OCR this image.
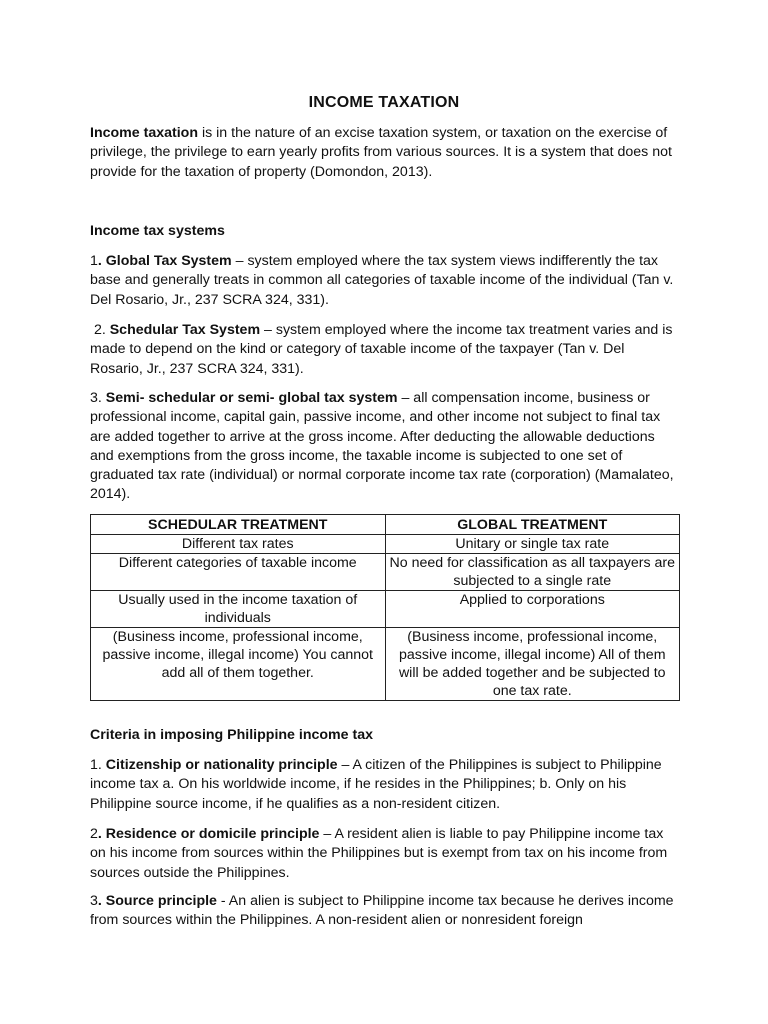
INCOME TAXATION

Income taxation is in the nature of an excise taxation system, or taxation on the exercise of privilege, the privilege to earn yearly profits from various sources. It is a system that does not provide for the taxation of property (Domondon, 2013).

Income tax systems

1. Global Tax System – system employed where the tax system views indifferently the tax base and generally treats in common all categories of taxable income of the individual (Tan v. Del Rosario, Jr., 237 SCRA 324, 331).

2. Schedular Tax System – system employed where the income tax treatment varies and is made to depend on the kind or category of taxable income of the taxpayer (Tan v. Del Rosario, Jr., 237 SCRA 324, 331).

3. Semi- schedular or semi- global tax system – all compensation income, business or professional income, capital gain, passive income, and other income not subject to final tax are added together to arrive at the gross income. After deducting the allowable deductions and exemptions from the gross income, the taxable income is subjected to one set of graduated tax rate (individual) or normal corporate income tax rate (corporation) (Mamalateo, 2014).

SCHEDULAR TREATMENT	GLOBAL TREATMENT
Different tax rates	Unitary or single tax rate
Different categories of taxable income	No need for classification as all taxpayers are subjected to a single rate
Usually used in the income taxation of individuals	Applied to corporations
(Business income, professional income, passive income, illegal income) You cannot add all of them together.	(Business income, professional income, passive income, illegal income) All of them will be added together and be subjected to one tax rate.
Criteria in imposing Philippine income tax

1. Citizenship or nationality principle – A citizen of the Philippines is subject to Philippine income tax a. On his worldwide income, if he resides in the Philippines; b. Only on his Philippine source income, if he qualifies as a non-resident citizen.

2. Residence or domicile principle – A resident alien is liable to pay Philippine income tax on his income from sources within the Philippines but is exempt from tax on his income from sources outside the Philippines.

3. Source principle - An alien is subject to Philippine income tax because he derives income from sources within the Philippines. A non-resident alien or nonresident foreign
